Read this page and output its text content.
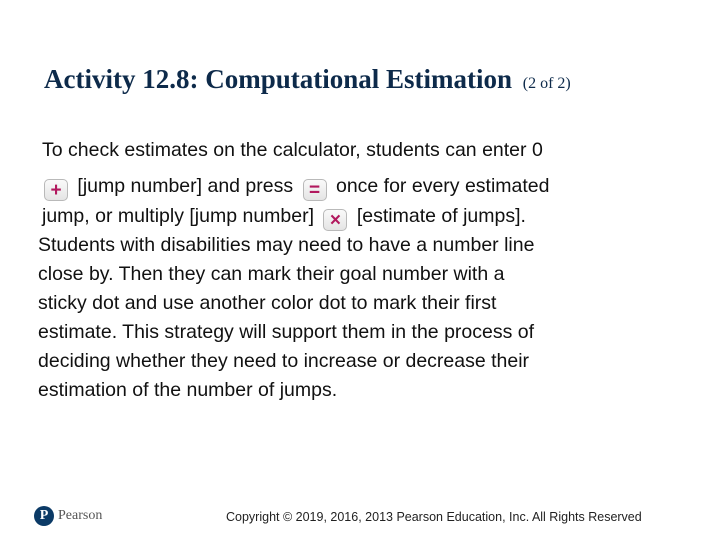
Activity 12.8: Computational Estimation (2 of 2)
To check estimates on the calculator, students can enter 0
+ [jump number] and press = once for every estimated
jump, or multiply [jump number] × [estimate of jumps].
Students with disabilities may need to have a number line
close by. Then they can mark their goal number with a
sticky dot and use another color dot to mark their first
estimate. This strategy will support them in the process of
deciding whether they need to increase or decrease their
estimation of the number of jumps.
P Pearson	Copyright © 2019, 2016, 2013 Pearson Education, Inc. All Rights Reserved
